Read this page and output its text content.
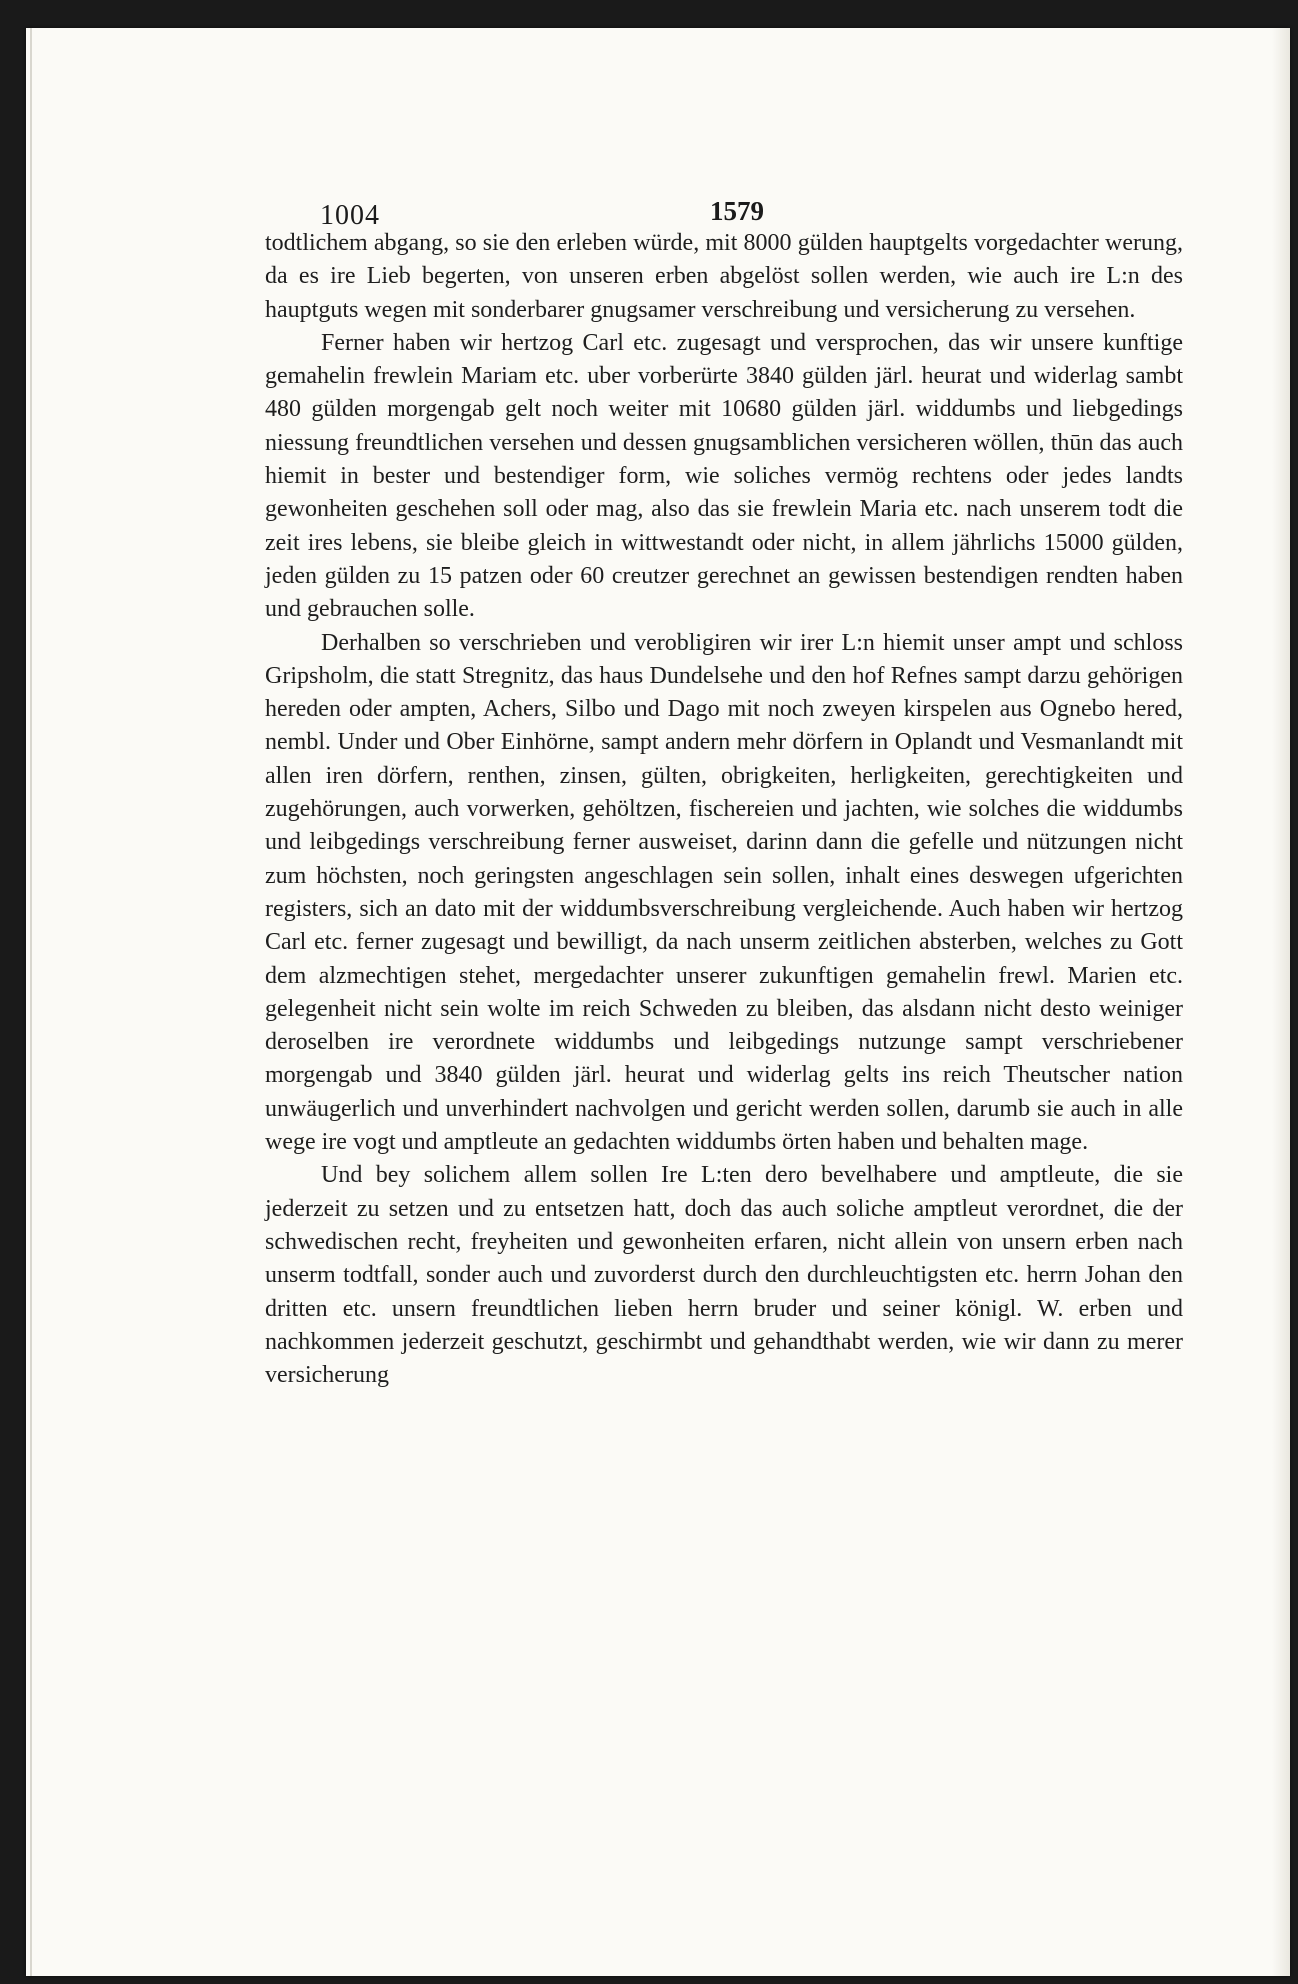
1004	1579

todtlichem abgang, so sie den erleben würde, mit 8000 gülden hauptgelts vorgedachter werung, da es ire Lieb begerten, von unseren erben abgelöst sollen werden, wie auch ire L:n des hauptguts wegen mit sonderbarer gnugsamer verschreibung und versicherung zu versehen.

Ferner haben wir hertzog Carl etc. zugesagt und versprochen, das wir unsere kunftige gemahelin frewlein Mariam etc. uber vorberürte 3840 gülden järl. heurat und widerlag sambt 480 gülden morgengab gelt noch weiter mit 10680 gülden järl. widdumbs und liebgedings niessung freundtlichen versehen und dessen gnugsamblichen versicheren wöllen, thūn das auch hiemit in bester und bestendiger form, wie soliches vermög rechtens oder jedes landts gewonheiten geschehen soll oder mag, also das sie frewlein Maria etc. nach unserem todt die zeit ires lebens, sie bleibe gleich in wittwestandt oder nicht, in allem jährlichs 15000 gülden, jeden gülden zu 15 patzen oder 60 creutzer gerechnet an gewissen bestendigen rendten haben und gebrauchen solle.

Derhalben so verschrieben und verobligiren wir irer L:n hiemit unser ampt und schloss Gripsholm, die statt Stregnitz, das haus Dundelsehe und den hof Refnes sampt darzu gehörigen hereden oder ampten, Achers, Silbo und Dago mit noch zweyen kirspelen aus Ognebo hered, nembl. Under und Ober Einhörne, sampt andern mehr dörfern in Oplandt und Vesmanlandt mit allen iren dörfern, renthen, zinsen, gülten, obrigkeiten, herligkeiten, gerechtigkeiten und zugehörungen, auch vorwerken, gehöltzen, fischereien und jachten, wie solches die widdumbs und leibgedings verschreibung ferner ausweiset, darinn dann die gefelle und nützungen nicht zum höchsten, noch geringsten angeschlagen sein sollen, inhalt eines deswegen ufgerichten registers, sich an dato mit der widdumbsverschreibung vergleichende. Auch haben wir hertzog Carl etc. ferner zugesagt und bewilligt, da nach unserm zeitlichen absterben, welches zu Gott dem alzmechtigen stehet, mergedachter unserer zukunftigen gemahelin frewl. Marien etc. gelegenheit nicht sein wolte im reich Schweden zu bleiben, das alsdann nicht desto weiniger deroselben ire verordnete widdumbs und leibgedings nutzunge sampt verschriebener morgengab und 3840 gülden järl. heurat und widerlag gelts ins reich Theutscher nation unwäugerlich und unverhindert nachvolgen und gericht werden sollen, darumb sie auch in alle wege ire vogt und amptleute an gedachten widdumbs örten haben und behalten mage.

Und bey solichem allem sollen Ire L:ten dero bevelhabere und amptleute, die sie jederzeit zu setzen und zu entsetzen hatt, doch das auch soliche amptleut verordnet, die der schwedischen recht, freyheiten und gewonheiten erfaren, nicht allein von unsern erben nach unserm todtfall, sonder auch und zuvorderst durch den durchleuchtigsten etc. herrn Johan den dritten etc. unsern freundtlichen lieben herrn bruder und seiner königl. W. erben und nachkommen jederzeit geschutzt, geschirmbt und gehandthabt werden, wie wir dann zu merer versicherung
